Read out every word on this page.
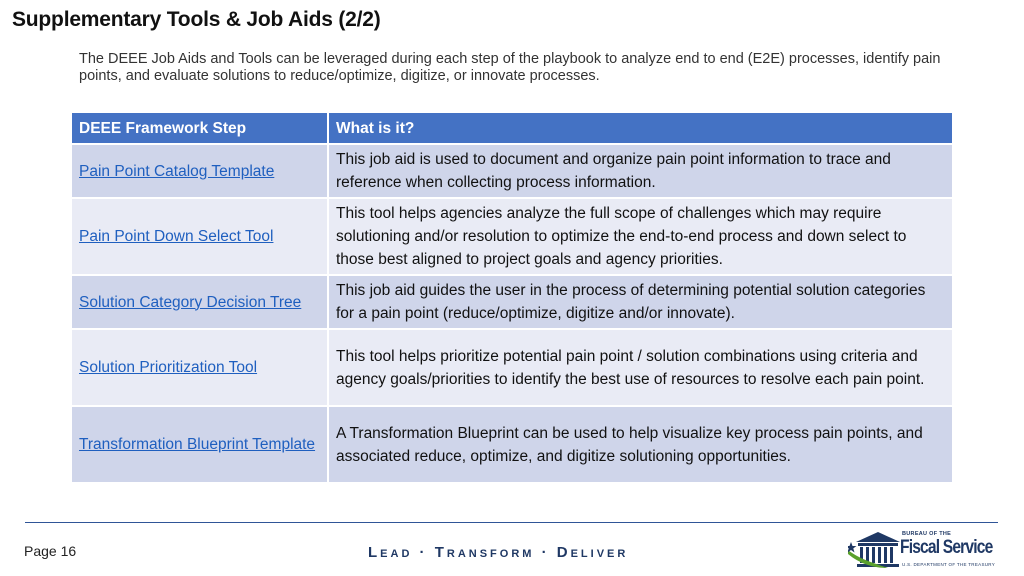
Supplementary Tools & Job Aids (2/2)

The DEEE Job Aids and Tools can be leveraged during each step of the playbook to analyze end to end (E2E) processes, identify pain points, and evaluate solutions to reduce/optimize, digitize, or innovate processes.

DEEE Framework Step	What is it?
Pain Point Catalog Template	This job aid is used to document and organize pain point information to trace and reference when collecting process information.
Pain Point Down Select Tool	This tool helps agencies analyze the full scope of challenges which may require solutioning and/or resolution to optimize the end-to-end process and down select to those best aligned to project goals and agency priorities.
Solution Category Decision Tree	This job aid guides the user in the process of determining potential solution categories for a pain point (reduce/optimize, digitize and/or innovate).
Solution Prioritization Tool	This tool helps prioritize potential pain point / solution combinations using criteria and agency goals/priorities to identify the best use of resources to resolve each pain point.
Transformation Blueprint Template	A Transformation Blueprint can be used to help visualize key process pain points, and associated reduce, optimize, and digitize solutioning opportunities.
Page 16	Lead · Transform · Deliver
BUREAU OF THE
Fiscal Service
U.S. DEPARTMENT OF THE TREASURY
